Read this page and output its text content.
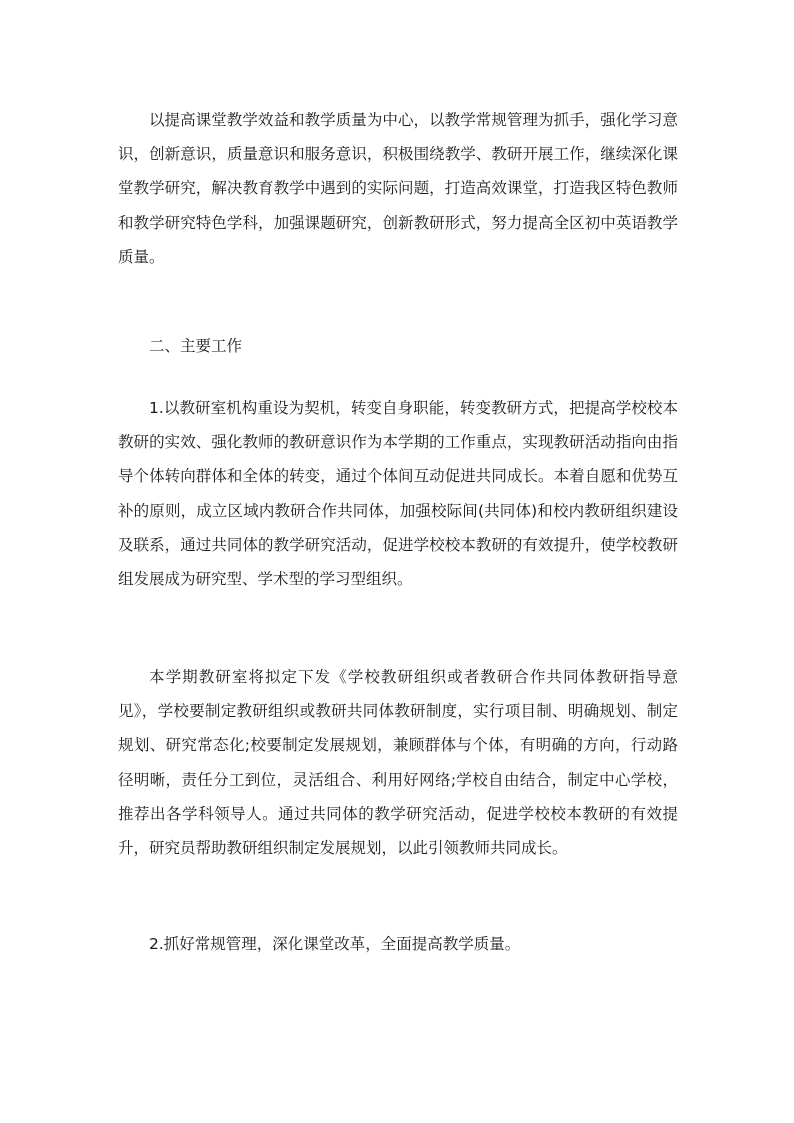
以提高课堂教学效益和教学质量为中心，以教学常规管理为抓手，强化学习意识，创新意识，质量意识和服务意识，积极围绕教学、教研开展工作，继续深化课堂教学研究，解决教育教学中遇到的实际问题，打造高效课堂，打造我区特色教师和教学研究特色学科，加强课题研究，创新教研形式，努力提高全区初中英语教学质量。

二、主要工作

1.以教研室机构重设为契机，转变自身职能，转变教研方式，把提高学校校本教研的实效、强化教师的教研意识作为本学期的工作重点，实现教研活动指向由指导个体转向群体和全体的转变，通过个体间互动促进共同成长。本着自愿和优势互补的原则，成立区域内教研合作共同体，加强校际间(共同体)和校内教研组织建设及联系，通过共同体的教学研究活动，促进学校校本教研的有效提升，使学校教研组发展成为研究型、学术型的学习型组织。

本学期教研室将拟定下发《学校教研组织或者教研合作共同体教研指导意见》，学校要制定教研组织或教研共同体教研制度，实行项目制、明确规划、制定规划、研究常态化;校要制定发展规划，兼顾群体与个体，有明确的方向，行动路径明晰，责任分工到位，灵活组合、利用好网络;学校自由结合，制定中心学校，推荐出各学科领导人。通过共同体的教学研究活动，促进学校校本教研的有效提升，研究员帮助教研组织制定发展规划，以此引领教师共同成长。

2.抓好常规管理，深化课堂改革，全面提高教学质量。
